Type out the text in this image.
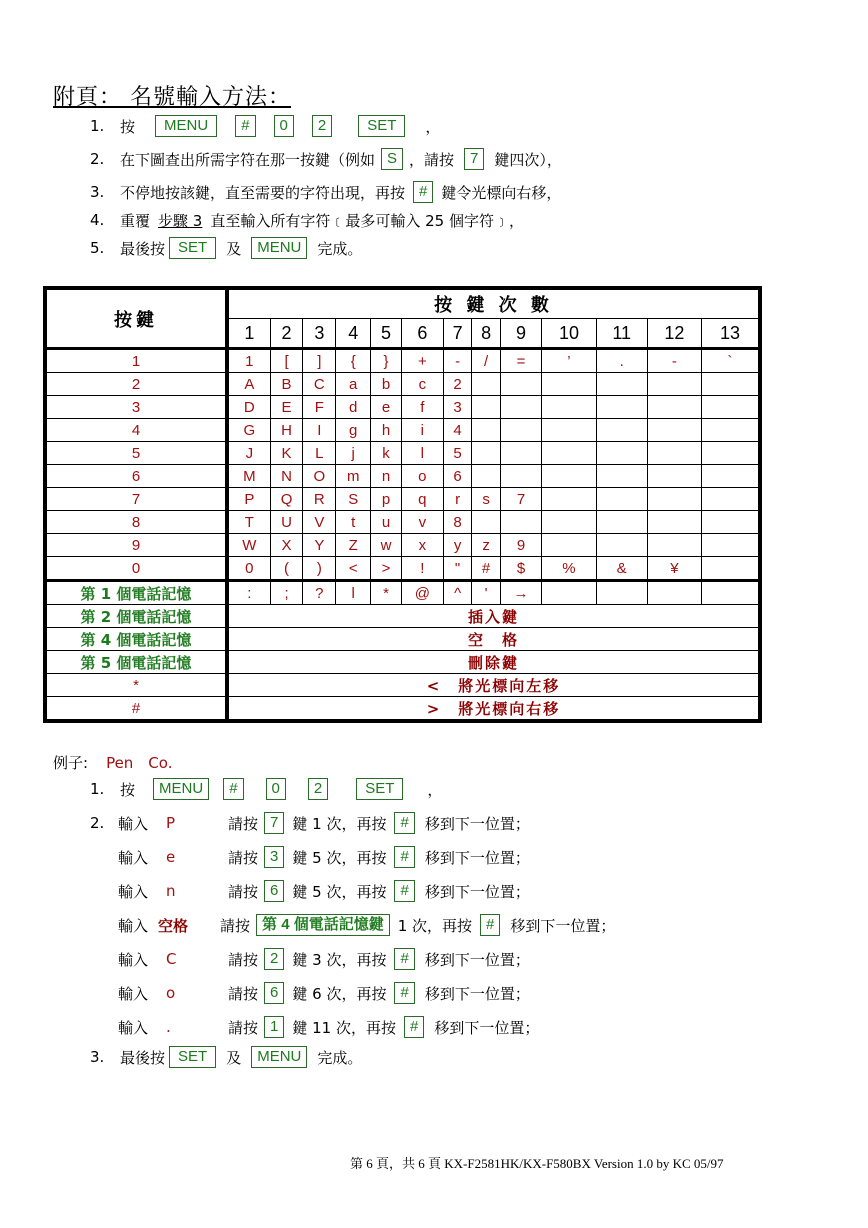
附頁： 名號輸入方法：
1.	按	MENU	#	0	2	SET	，
2.	在下圖查出所需字符在那一按鍵（例如 S ，請按	7	鍵四次），
3.	不停地按該鍵，直至需要的字符出現，再按 # 鍵令光標向右移，
4.	重覆 步驟 3 直至輸入所有字符﹝最多可輸入 25 個字符﹞，
5.	最後按 SET	及	MENU	完成。
按鍵	按 鍵 次 數												
	1	2	3	4	5	6	7	8	9	10	11	12	13
1	1	[	]	{	}	+	-	/	=	’	.	-	`
2	A	B	C	a	b	c	2						
3	D	E	F	d	e	f	3						
4	G	H	I	g	h	i	4						
5	J	K	L	j	k	l	5						
6	M	N	O	m	n	o	6						
7	P	Q	R	S	p	q	r	s	7				
8	T	U	V	t	u	v	8						
9	W	X	Y	Z	w	x	y	z	9				
0	0	(	)	<	>	!	"	#	$	%	&	¥	
第 1 個電話記憶	:	;	?	l	*	@	^	'	→				
第 2 個電話記憶	插入鍵												
第 4 個電話記憶	空　格												
第 5 個電話記憶	刪除鍵												
*	<　將光標向左移												
#	>　將光標向右移												
例子: Pen　Co.
1.	按	MENU	#	0	2	SET	，
2. 輸入 P	請按 7 鍵 1 次，再按 #	移到下一位置；
輸入 e	請按 3 鍵 5 次，再按 #	移到下一位置；
輸入 n	請按 6 鍵 5 次，再按 #	移到下一位置；
輸入 空格	請按 第 4 個電話記憶鍵 1 次，再按 #	移到下一位置；
輸入 C	請按 2 鍵 3 次，再按 #	移到下一位置；
輸入 o	請按 6 鍵 6 次，再按 #	移到下一位置；
輸入 .	請按 1 鍵 11 次，再按 #	移到下一位置；
3.	最後按 SET	及	MENU	完成。
第 6 頁，共 6 頁 KX-F2581HK/KX-F580BX Version 1.0 by KC 05/97
